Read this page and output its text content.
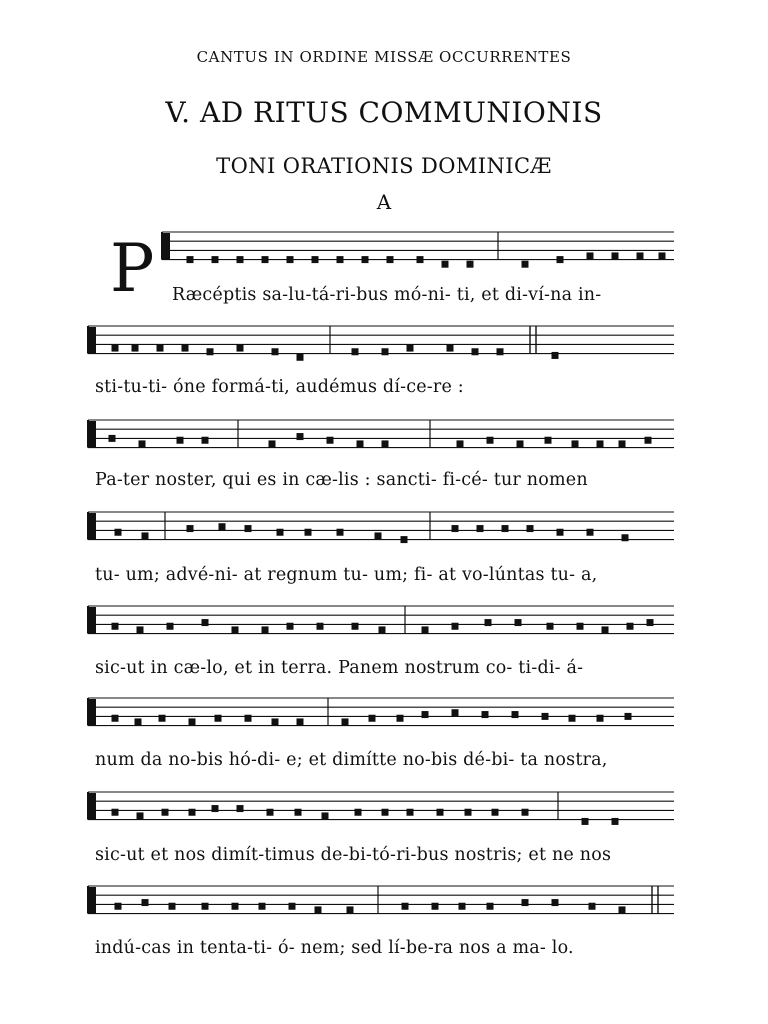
CANTUS IN ORDINE MISSÆ OCCURRENTES
V. AD RITUS COMMUNIONIS
TONI ORATIONIS DOMINICÆ
A
P Ræcéptis sa-lu-tá-ri-bus mó-ni- ti, et di-ví-na in-
sti-tu-ti- óne formá-ti, audémus dí-ce-re :
Pa-ter noster, qui es in cæ-lis : sancti- fi-cé- tur nomen
tu- um; advé-ni- at regnum tu- um; fi- at vo-lúntas tu- a,
sic-ut in cæ-lo, et in terra. Panem nostrum co- ti-di- á-
num da no-bis hó-di- e; et dimítte no-bis dé-bi- ta nostra,
sic-ut et nos dimít-timus de-bi-tó-ri-bus nostris; et ne nos
indú-cas in tenta-ti- ó- nem; sed lí-be-ra nos a ma- lo.
